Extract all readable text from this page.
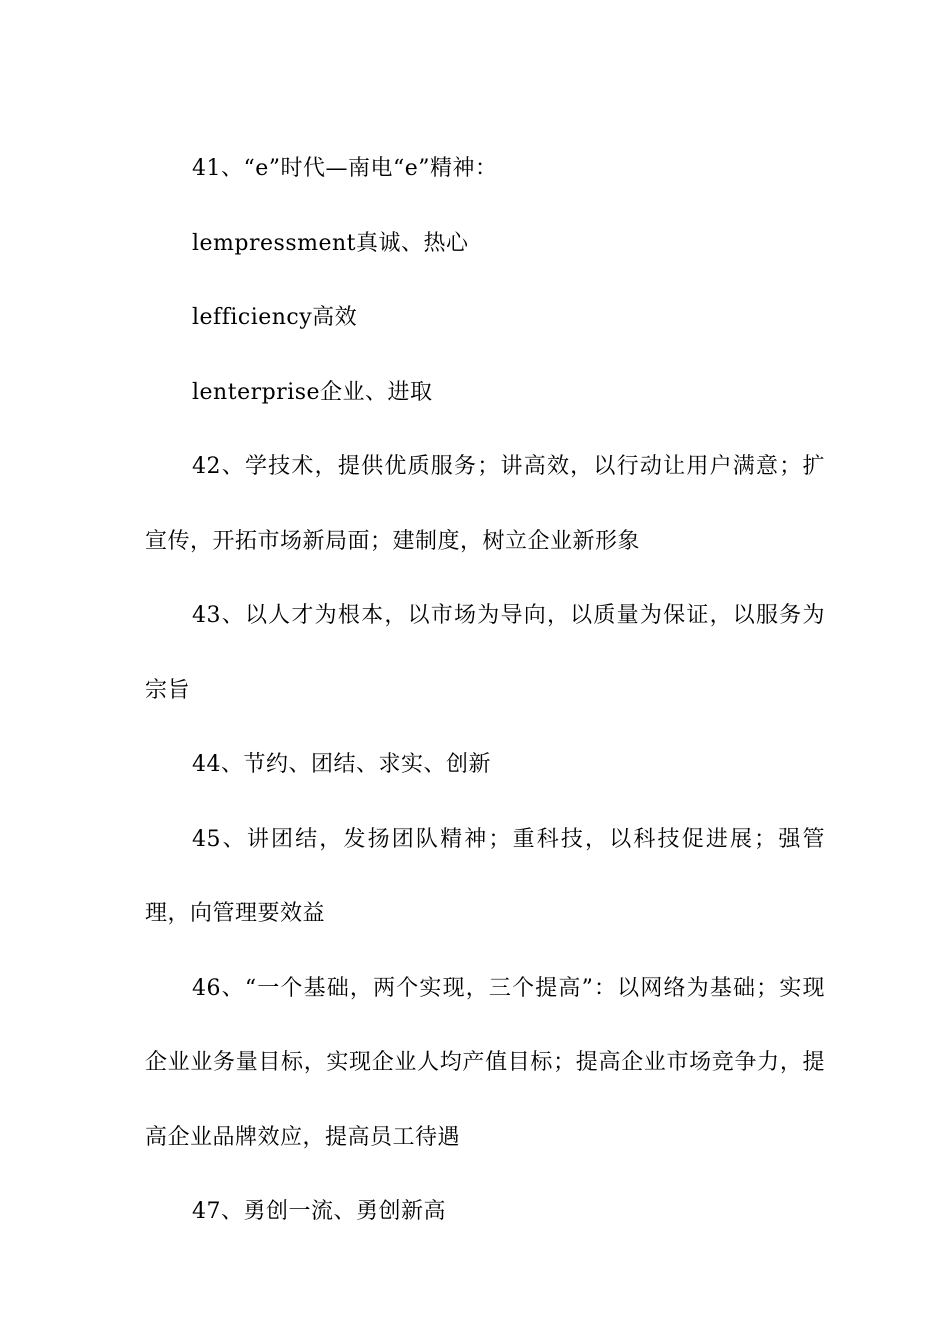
41、“e”时代—南电“e”精神：

lempressment真诚、热心

lefficiency高效

lenterprise企业、进取

42、学技术，提供优质服务；讲高效，以行动让用户满意；扩宣传，开拓市场新局面；建制度，树立企业新形象

43、以人才为根本，以市场为导向，以质量为保证，以服务为宗旨

44、节约、团结、求实、创新

45、讲团结，发扬团队精神；重科技，以科技促进展；强管理，向管理要效益

46、“一个基础，两个实现，三个提高”：以网络为基础；实现企业业务量目标，实现企业人均产值目标；提高企业市场竞争力，提高企业品牌效应，提高员工待遇

47、勇创一流、勇创新高
